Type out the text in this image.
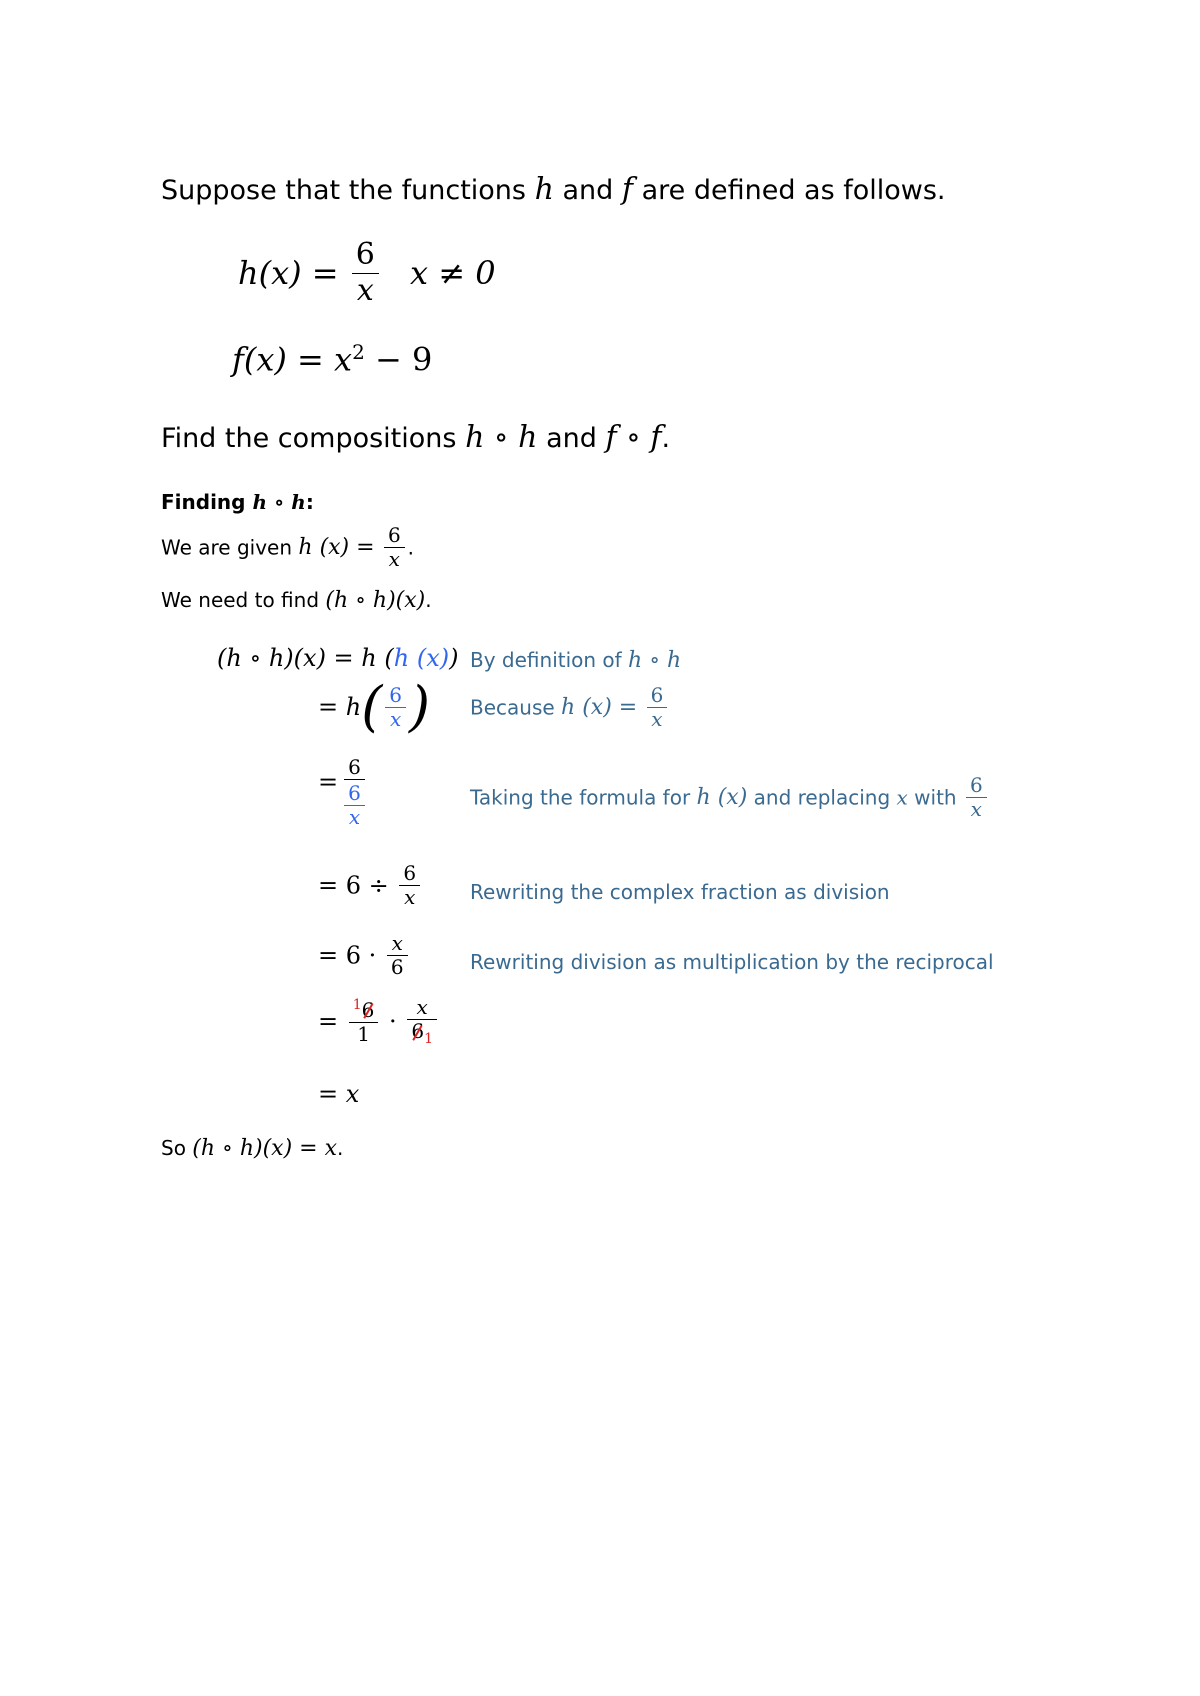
Suppose that the functions h and f are defined as follows.
$h(x) = \frac{6}{x}$ x ≠ 0
$f(x) = x^2 - 9$
Find the compositions h ∘ h and f ∘ f.
Finding h ∘ h:
We are given h $(x) = \frac{6}{x}$ .
We need to find (h ∘ h)(x).
(h ∘ h)(x) = h (h (x)) By definition of h ∘ h
= $h( \frac{6}{x}$ ) Because h $(x) = \frac{6}{x}$
= $\frac{6}{\frac{6}{x}}$	Taking the formula for h (x) and replacing x with $\frac{6}{x}$
= $6 \div \frac{6}{x}$ Rewriting the complex fraction as division
= $6 \cdot \frac{x}{6}$	Rewriting division as multiplication by the reciprocal
= $\frac{^16}{1} \cdot \frac{x}{6_1}$
= x
So (h ∘ h)(x) = x.
